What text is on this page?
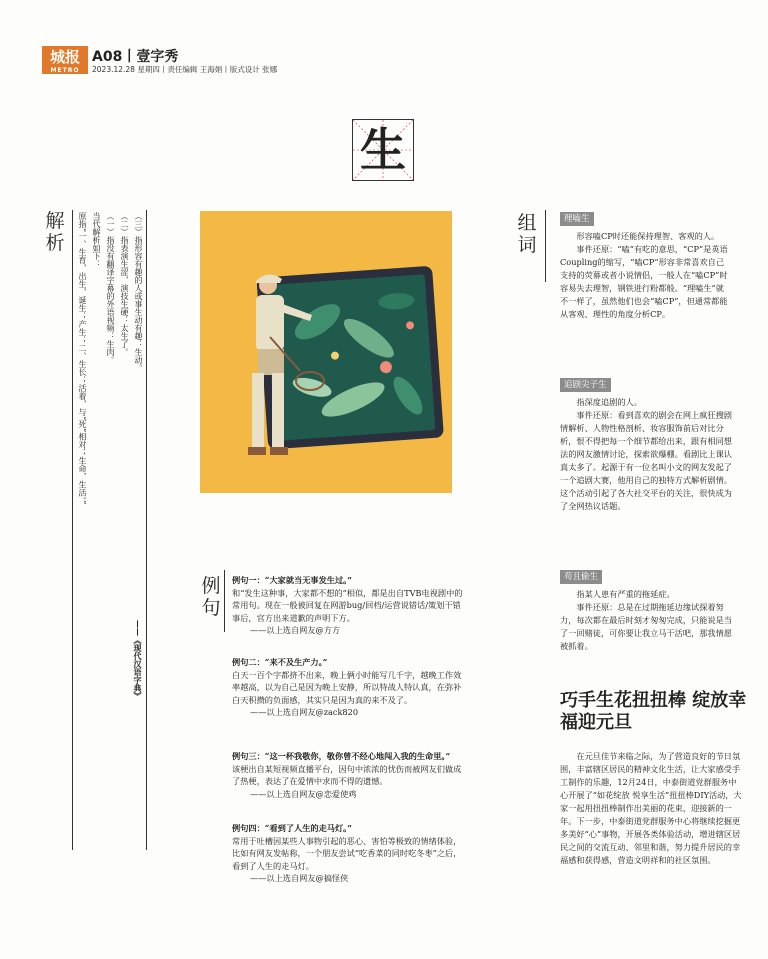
城报
METRO
A08丨壹字秀
2023.12.28 星期四丨责任编辑 王海娟丨版式设计 张娜
生
解析 原指“一、生育，出生，诞生；产生；二、生长；活着，与“死”相对；生命，生活。” 当代解析如下： （一）指没有翻译字幕的外语视频：生肉。 （二）指表演生涩，演技生硬：太生了。 （三）指形容有趣的人或事生动有趣：生动。
——《现代汉语字典》
例句

例句一：“大家就当无事发生过。”

和“发生这种事，大家都不想的”相似，都是出自TVB电视剧中的常用句。现在一般被回复在网游bug/回档/运营说错话/策划干错事后，官方出来道歉的声明下方。

——以上选自网友@方方

例句二：“来不及生产力。”

白天一百个字都挤不出来，晚上俩小时能写几千字，越晚工作效率越高，以为自己是因为晚上安静，所以特战人特认真，在弥补白天积攒的负面感，其实只是因为真的来不及了。

——以上选自网友@zack820

例句三：“这一杯我敬你，敬你曾不经心地闯入我的生命里。”

该梗出自某短视频直播平台，因句中浓浓的忧伤而被网友们做成了热梗，表达了在爱情中求而不得的遗憾。

——以上选自网友@恋爱使鸡

例句四：“看到了人生的走马灯。”

常用于吐槽因某些人事物引起的恶心、害怕等极致的情绪体验，比如有网友发帖称，一个朋友尝试“吃香菜的同时吃冬枣”之后，看到了人生的走马灯。

——以上选自网友@搞怪侠

组词
理嗑生

形容嗑CP时还能保持理智、客观的人。

事件还原：“嗑”有吃的意思，“CP”是英语Coupling的缩写，“嗑CP”形容非常喜欢自己支持的荧幕或者小说情侣，一般人在“嗑CP”时容易失去理智，钢铁进行粉都般。“理嗑生”就不一样了，虽然他们也会“嗑CP”，但通常都能从客观、理性的角度分析CP。

追剧尖子生

指深度追剧的人。

事件还原：看到喜欢的剧会在网上疯狂搜剧情解析、人物性格剖析、妆容服饰前后对比分析，恨不得把每一个细节都给出来，跟有相同想法的网友激情讨论，探索欲爆棚。看剧比上课认真太多了。起源于有一位名叫小文的网友发起了一个追剧大赛，他用自己的独特方式解析剧情。这个活动引起了各大社交平台的关注，很快成为了全网热议话题。

苟且偷生

指某人患有严重的拖延症。

事件还原：总是在过期拖延边缘试探着努力，每次都在最后时刻才匆匆完成，只能说是当了一回赌徒，可你要让我立马干活吧，那我情愿被抓着。

巧手生花扭扭棒 绽放幸福迎元旦
在元旦佳节来临之际，为了营造良好的节日氛围，丰富辖区居民的精神文化生活，让大家感受手工制作的乐趣，12月24日，中泰街道党群服务中心开展了“如花绽放 悦享生活”扭扭棒DIY活动，大家一起用扭扭棒制作出美丽的花束，迎接新的一年。下一步，中泰街道党群服务中心将继续挖掘更多美好“心”事物，开展各类体验活动，增进辖区居民之间的交流互动、邻里和谐，努力提升居民的幸福感和获得感，营造文明祥和的社区氛围。
